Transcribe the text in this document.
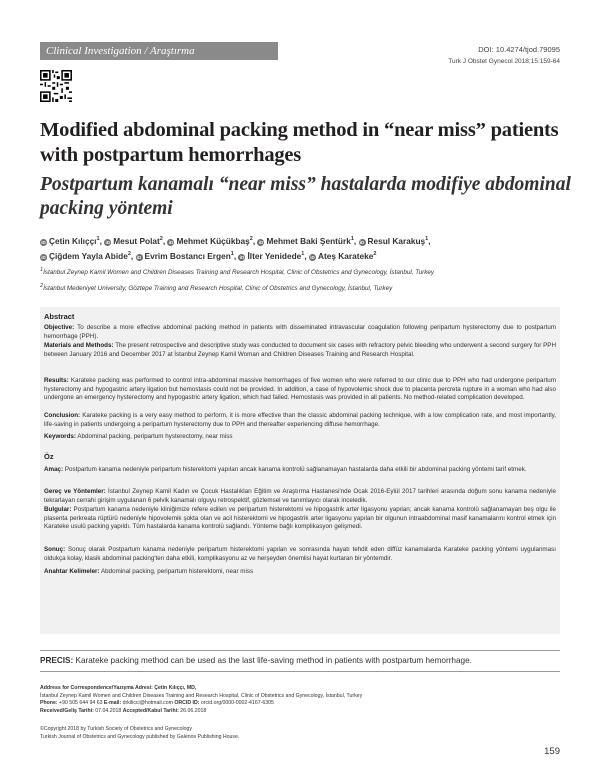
Clinical Investigation / Araştırma	DOI: 10.4274/tjod.79095
Turk J Obstet Gynecol 2018;15:159-64
Modified abdominal packing method in “near miss” patients with postpartum hemorrhages
Postpartum kanamalı “near miss” hastalarda modifiye abdominal packing yöntemi
iD Çetin Kılıççı$^1$, iD Mesut Polat$^2$, iD Mehmet Küçükbaş$^2$, iD Mehmet Baki Şentürk$^1$, iD Resul Karakuş$^1$,
iD Çiğdem Yayla Abide$^2$, iD Evrim Bostancı Ergen$^1$, iD İlter Yenidede$^1$, iD Ateş Karateke$^2$
$^1$İstanbul Zeynep Kamil Women and Children Diseases Training and Research Hospital, Clinic of Obstetrics and Gynecology, İstanbul, Turkey
$^2$İstanbul Medeniyet University, Göztepe Training and Research Hospital, Clinic of Obstetrics and Gynecology, İstanbul, Turkey
Abstract

Objective: To describe a more effective abdominal packing method in patients with disseminated intravascular coagulation following peripartum hysterectomy due to postpartum hemorrhage (PPH).

Materials and Methods: The present retrospective and descriptive study was conducted to document six cases with refractory pelvic bleeding who underwent a second surgery for PPH between January 2016 and December 2017 at İstanbul Zeynep Kamil Woman and Children Diseases Training and Research Hospital.

Results: Karateke packing was performed to control intra-abdominal massive hemorrhages of five women who were referred to our clinic due to PPH who had undergone peripartum hysterectomy and hypogastric artery ligation but hemostasis could not be provided. In addition, a case of hypovolemic shock due to placenta percreta rupture in a woman who had also undergone an emergency hysterectomy and hypogastric artery ligation, which had failed. Hemostasis was provided in all patients. No method-related complication developed.

Conclusion: Karateke packing is a very easy method to perform, it is more effective than the classic abdominal packing technique, with a low complication rate, and most importantly, life-saving in patients undergoing a peripartum hysterectomy due to PPH and thereafter experiencing diffuse hemorrhage.

Keywords: Abdominal packing, peripartum hysterectomy, near miss

Öz

Amaç: Postpartum kanama nedeniyle peripartum histerektomi yapılan ancak kanama kontrolü sağlanamayan hastalarda daha etkili bir abdominal packing yöntemi tarif etmek.

Gereç ve Yöntemler: İstanbul Zeynep Kamil Kadın ve Çocuk Hastalıkları Eğitim ve Araştırma Hastanesi'nde Ocak 2016-Eylül 2017 tarihleri arasında doğum sonu kanama nedeniyle tekrarlayan cerrahi girişim uygulanan 6 pelvik kanamalı olguyu retrospektif, gözlemsel ve tanımlayıcı olarak inceledik.

Bulgular: Postpartum kanama nedeniyle kliniğimize refere edilen ve peripartum histerektomi ve hipogastrik arter ligasyonu yapılan; ancak kanama kontrolü sağlanamayan beş olgu ile plasenta perkreata rüptürü nedeniyle hipovolemik şokta olan ve acil histerektomi ve hipogastrik arter ligasyonu yapılan bir olgunun intraabdominal masif kanamalarını kontrol etmek için Karateke usulü packing yapıldı. Tüm hastalarda kanama kontrolü sağlandı. Yönteme bağlı komplikasyon gelişmedi.

Sonuç: Sonuç olarak Postpartum kanama nedeniyle peripartum histerektomi yapılan ve sonrasında hayatı tehdit eden diffüz kanamalarda Karateke packing yöntemi uygulanması oldukça kolay, klasik abdominal packing'ten daha etkili, komplikasyonu az ve herşeyden önemlisi hayat kurtaran bir yöntemdir.

Anahtar Kelimeler: Abdominal packing, peripartum histerektomi, near miss

PRECIS: Karateke packing method can be used as the last life-saving method in patients with postpartum hemorrhage.
Address for Correspondence/Yazışma Adresi: Çetin Kılıççı, MD,
İstanbul Zeynep Kamil Women and Children Diseases Training and Research Hospital, Clinic of Obstetrics and Gynecology, İstanbul, Turkey
Phone: +90 505 644 94 63 E-mail: drkilicci@hotmail.com ORCID ID: orcid.org/0000-0002-4167-6305
Received/Geliş Tarihi: 07.04.2018 Accepted/Kabul Tarihi: 26.06.2018
©Copyright 2018 by Turkish Society of Obstetrics and Gynecology
Turkish Journal of Obstetrics and Gynecology published by Galenos Publishing House.
159
